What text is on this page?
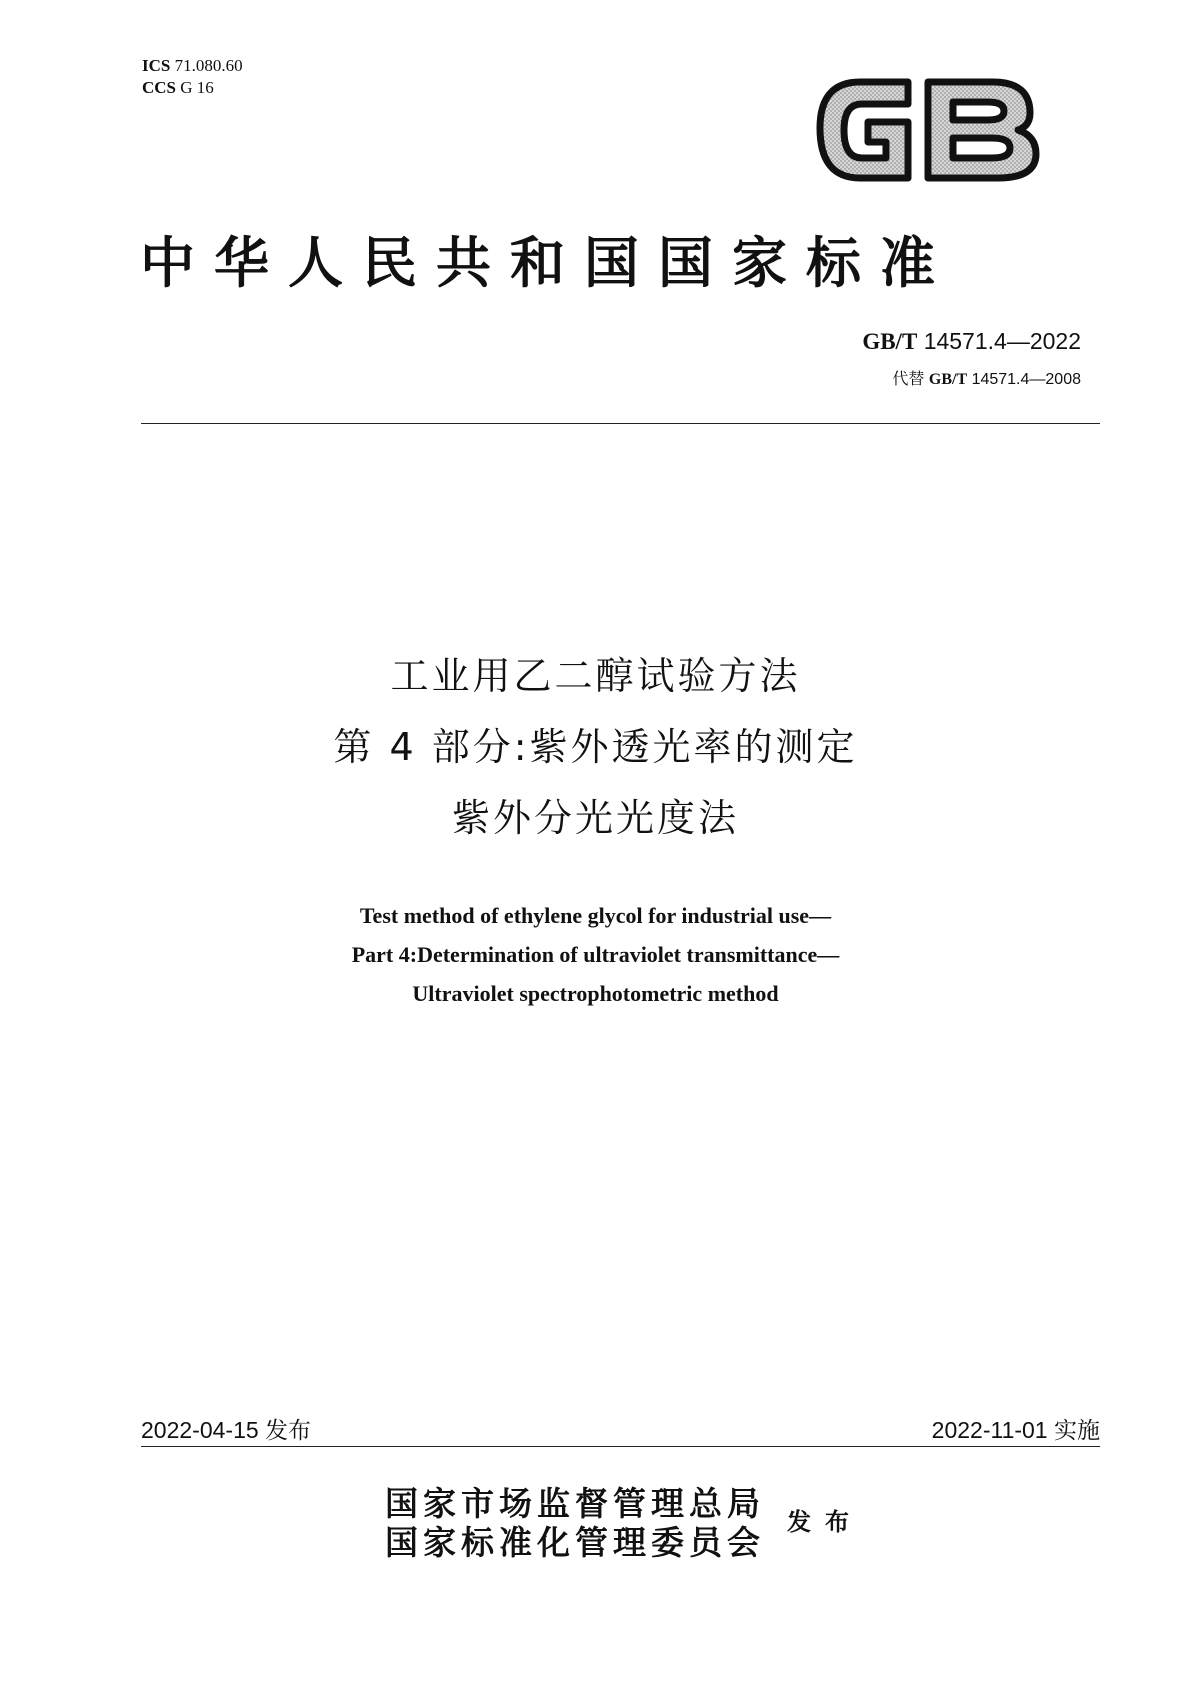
ICS 71.080.60
CCS G 16
中华人民共和国国家标准
GB/T 14571.4—2022
代替 GB/T 14571.4—2008
工业用乙二醇试验方法
第 4 部分:紫外透光率的测定
紫外分光光度法
Test method of ethylene glycol for industrial use—
Part 4:Determination of ultraviolet transmittance—
Ultraviolet spectrophotometric method
2022-04-15 发布	2022-11-01 实施
国家市场监督管理总局
国家标准化管理委员会
发布
